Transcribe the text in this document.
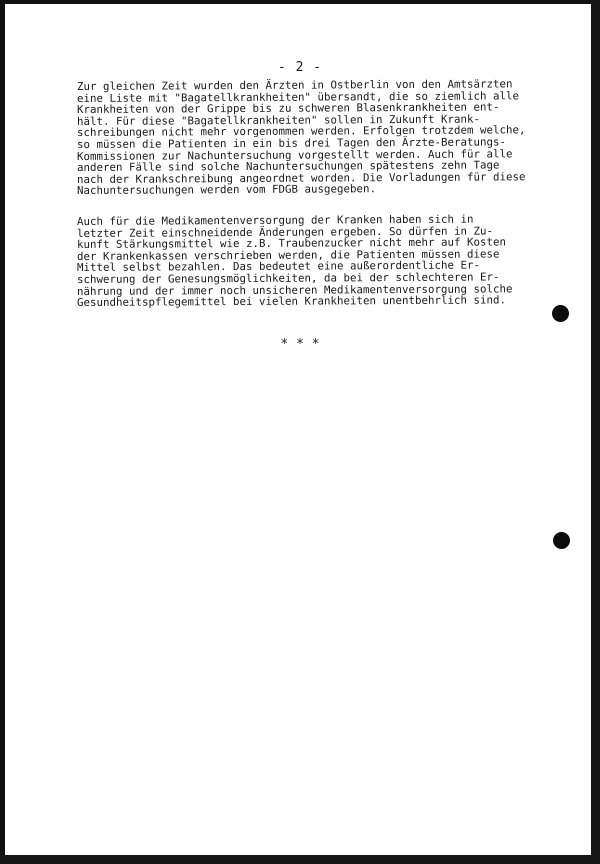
- 2 -
Zur gleichen Zeit wurden den Ärzten in Ostberlin von den Amtsärzten
eine Liste mit "Bagatellkrankheiten" übersandt, die so ziemlich alle
Krankheiten von der Grippe bis zu schweren Blasenkrankheiten ent-
hält. Für diese "Bagatellkrankheiten" sollen in Zukunft Krank-
schreibungen nicht mehr vorgenommen werden. Erfolgen trotzdem welche,
so müssen die Patienten in ein bis drei Tagen den Ärzte-Beratungs-
Kommissionen zur Nachuntersuchung vorgestellt werden. Auch für alle
anderen Fälle sind solche Nachuntersuchungen spätestens zehn Tage
nach der Krankschreibung angeordnet worden. Die Vorladungen für diese
Nachuntersuchungen werden vom FDGB ausgegeben.
Auch für die Medikamentenversorgung der Kranken haben sich in
letzter Zeit einschneidende Änderungen ergeben. So dürfen in Zu-
kunft Stärkungsmittel wie z.B. Traubenzucker nicht mehr auf Kosten
der Krankenkassen verschrieben werden, die Patienten müssen diese
Mittel selbst bezahlen. Das bedeutet eine außerordentliche Er-
schwerung der Genesungsmöglichkeiten, da bei der schlechteren Er-
nährung und der immer noch unsicheren Medikamentenversorgung solche
Gesundheitspflegemittel bei vielen Krankheiten unentbehrlich sind.
* * *
